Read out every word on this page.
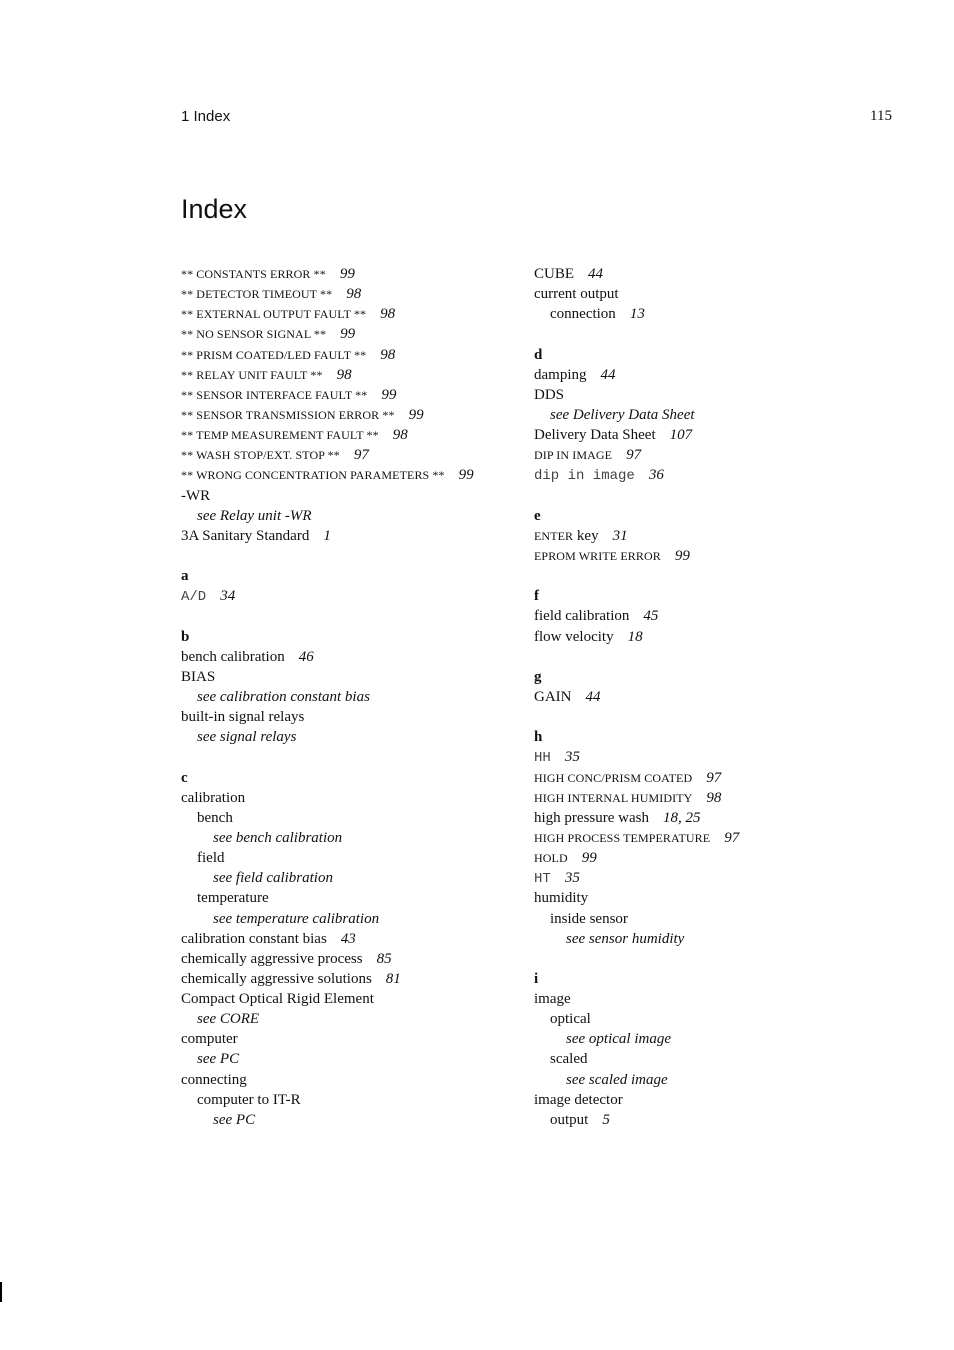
1 Index	115
Index
** CONSTANTS ERROR ** 99
** DETECTOR TIMEOUT ** 98
** EXTERNAL OUTPUT FAULT ** 98
** NO SENSOR SIGNAL ** 99
** PRISM COATED/LED FAULT ** 98
** RELAY UNIT FAULT ** 98
** SENSOR INTERFACE FAULT ** 99
** SENSOR TRANSMISSION ERROR ** 99
** TEMP MEASUREMENT FAULT ** 98
** WASH STOP/EXT. STOP ** 97
** WRONG CONCENTRATION PARAMETERS ** 99
-WR
see Relay unit -WR
3A Sanitary Standard 1
a
A/D 34
b
bench calibration 46
BIAS
see calibration constant bias
built-in signal relays
see signal relays
c
calibration
bench
see bench calibration
field
see field calibration
temperature
see temperature calibration
calibration constant bias 43
chemically aggressive process 85
chemically aggressive solutions 81
Compact Optical Rigid Element
see CORE
computer
see PC
connecting
computer to IT-R
see PC
CUBE 44
current output
connection 13
d
damping 44
DDS
see Delivery Data Sheet
Delivery Data Sheet 107
DIP IN IMAGE 97
dip in image 36
e
ENTER key 31
EPROM WRITE ERROR 99
f
field calibration 45
flow velocity 18
g
GAIN 44
h
HH 35
HIGH CONC/PRISM COATED 97
HIGH INTERNAL HUMIDITY 98
high pressure wash 18, 25
HIGH PROCESS TEMPERATURE 97
HOLD 99
HT 35
humidity
inside sensor
see sensor humidity
i
image
optical
see optical image
scaled
see scaled image
image detector
output 5
